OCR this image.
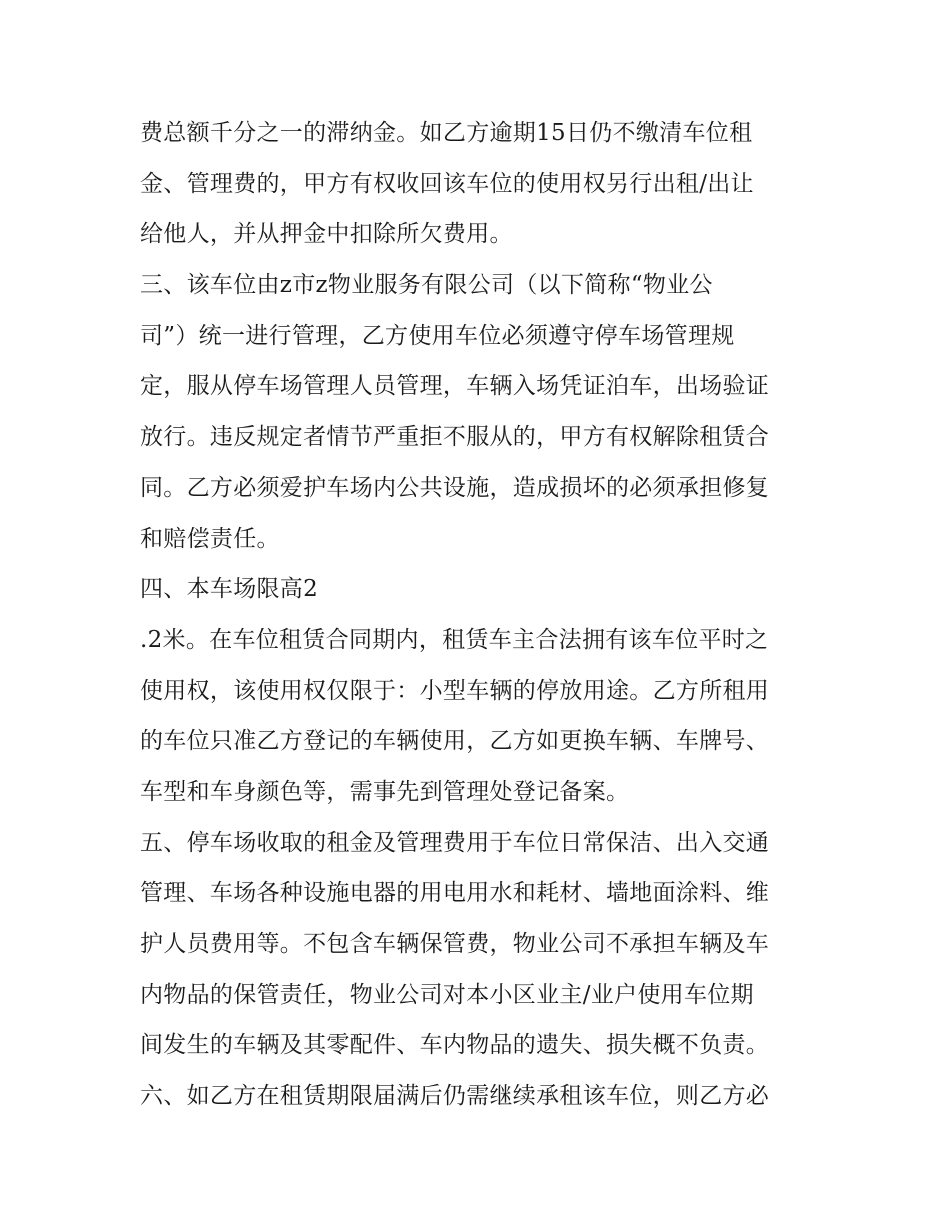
费总额千分之一的滞纳金。如乙方逾期15日仍不缴清车位租
金、管理费的，甲方有权收回该车位的使用权另行出租/出让
给他人，并从押金中扣除所欠费用。
三、该车位由z市z物业服务有限公司（以下简称“物业公
司”）统一进行管理，乙方使用车位必须遵守停车场管理规
定，服从停车场管理人员管理，车辆入场凭证泊车，出场验证
放行。违反规定者情节严重拒不服从的，甲方有权解除租赁合
同。乙方必须爱护车场内公共设施，造成损坏的必须承担修复
和赔偿责任。
四、本车场限高2
.2米。在车位租赁合同期内，租赁车主合法拥有该车位平时之
使用权，该使用权仅限于：小型车辆的停放用途。乙方所租用
的车位只准乙方登记的车辆使用，乙方如更换车辆、车牌号、
车型和车身颜色等，需事先到管理处登记备案。
五、停车场收取的租金及管理费用于车位日常保洁、出入交通
管理、车场各种设施电器的用电用水和耗材、墙地面涂料、维
护人员费用等。不包含车辆保管费，物业公司不承担车辆及车
内物品的保管责任，物业公司对本小区业主/业户使用车位期
间发生的车辆及其零配件、车内物品的遗失、损失概不负责。
六、如乙方在租赁期限届满后仍需继续承租该车位，则乙方必
